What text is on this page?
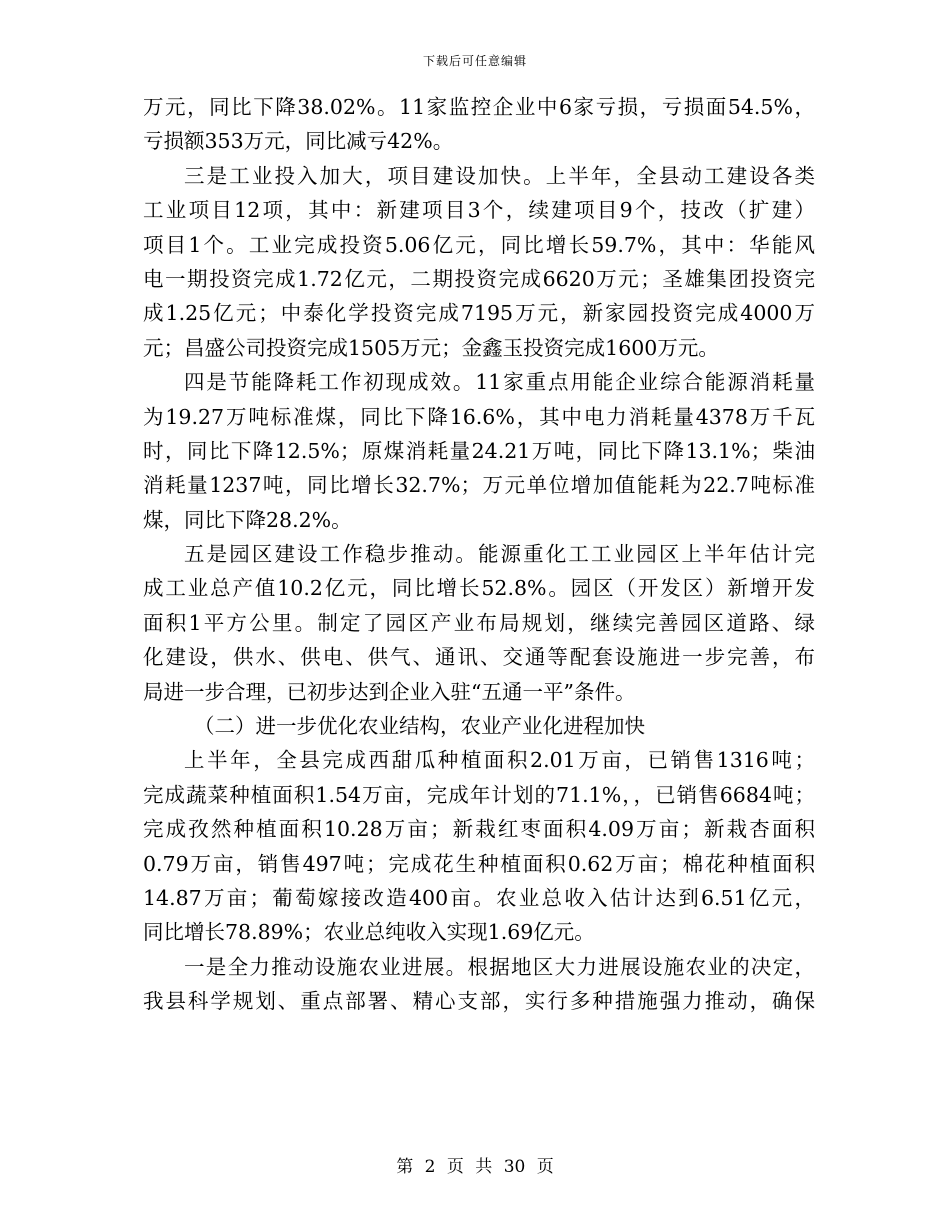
下载后可任意编辑
万元，同比下降38.02%。11家监控企业中6家亏损，亏损面54.5%，
亏损额353万元，同比减亏42%。
三是工业投入加大，项目建设加快。上半年，全县动工建设各类
工业项目12项，其中：新建项目3个，续建项目9个，技改（扩建）
项目1个。工业完成投资5.06亿元，同比增长59.7%，其中：华能风
电一期投资完成1.72亿元，二期投资完成6620万元；圣雄集团投资完
成1.25亿元；中泰化学投资完成7195万元，新家园投资完成4000万
元；昌盛公司投资完成1505万元；金鑫玉投资完成1600万元。
四是节能降耗工作初现成效。11家重点用能企业综合能源消耗量
为19.27万吨标准煤，同比下降16.6%，其中电力消耗量4378万千瓦
时，同比下降12.5%；原煤消耗量24.21万吨，同比下降13.1%；柴油
消耗量1237吨，同比增长32.7%；万元单位增加值能耗为22.7吨标准
煤，同比下降28.2%。
五是园区建设工作稳步推动。能源重化工工业园区上半年估计完
成工业总产值10.2亿元，同比增长52.8%。园区（开发区）新增开发
面积1平方公里。制定了园区产业布局规划，继续完善园区道路、绿
化建设，供水、供电、供气、通讯、交通等配套设施进一步完善，布
局进一步合理，已初步达到企业入驻“五通一平”条件。
（二）进一步优化农业结构，农业产业化进程加快
上半年，全县完成西甜瓜种植面积2.01万亩，已销售1316吨；
完成蔬菜种植面积1.54万亩，完成年计划的71.1%，，已销售6684吨；
完成孜然种植面积10.28万亩；新栽红枣面积4.09万亩；新栽杏面积
0.79万亩，销售497吨；完成花生种植面积0.62万亩；棉花种植面积
14.87万亩；葡萄嫁接改造400亩。农业总收入估计达到6.51亿元，
同比增长78.89%；农业总纯收入实现1.69亿元。
一是全力推动设施农业进展。根据地区大力进展设施农业的决定，
我县科学规划、重点部署、精心支部，实行多种措施强力推动，确保
第 2 页 共 30 页
